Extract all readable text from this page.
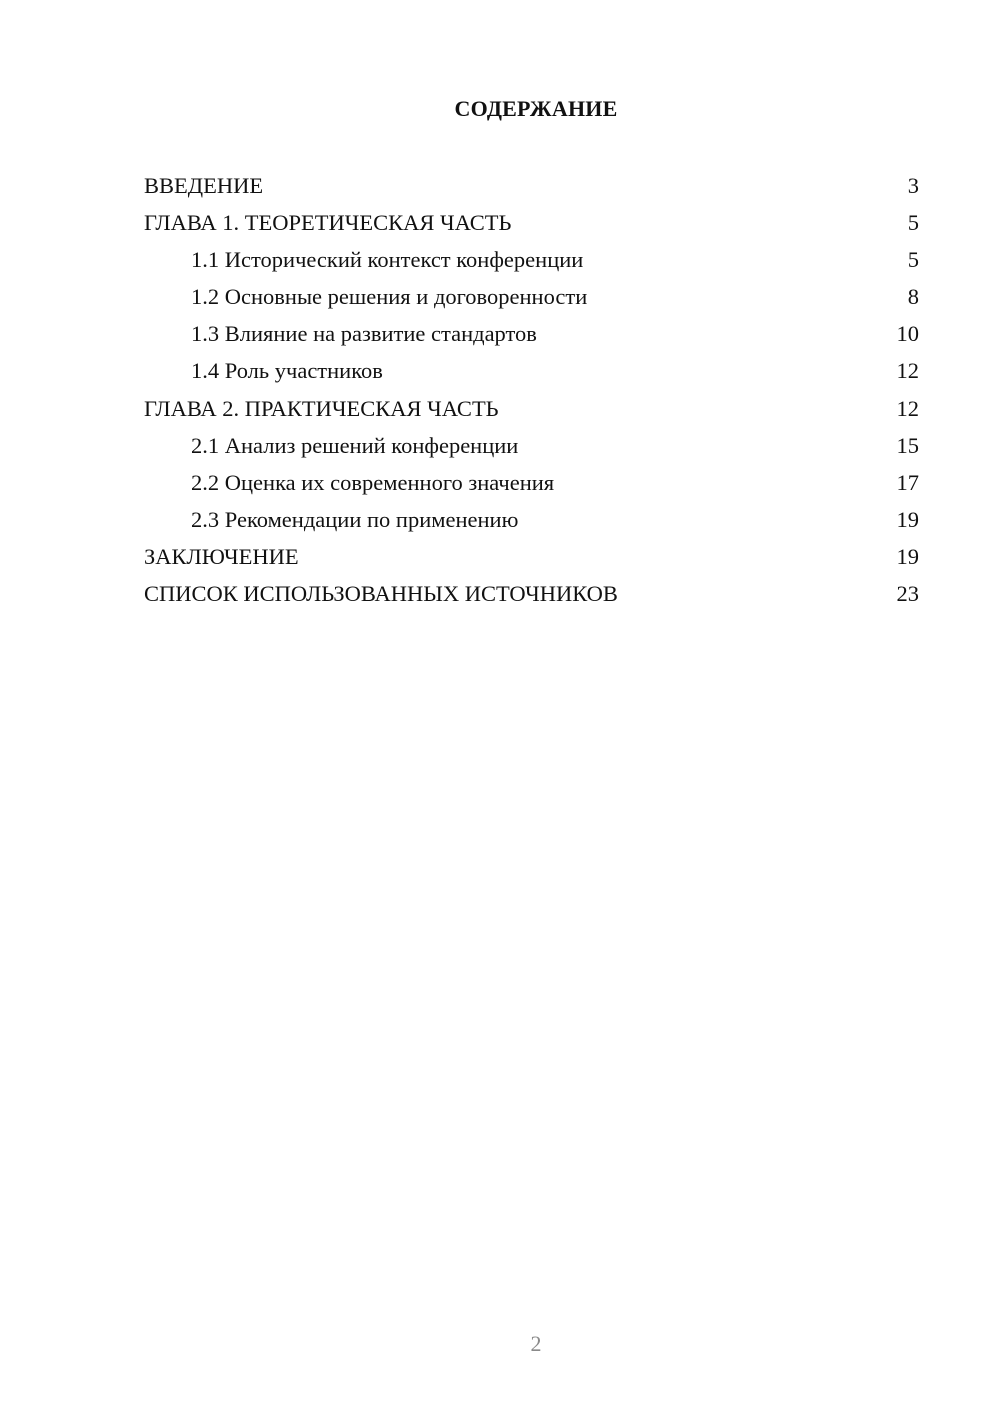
СОДЕРЖАНИЕ
ВВЕДЕНИЕ	3
ГЛАВА 1. ТЕОРЕТИЧЕСКАЯ ЧАСТЬ	5
1.1 Исторический контекст конференции	5
1.2 Основные решения и договоренности	8
1.3 Влияние на развитие стандартов	10
1.4 Роль участников	12
ГЛАВА 2. ПРАКТИЧЕСКАЯ ЧАСТЬ	12
2.1 Анализ решений конференции	15
2.2 Оценка их современного значения	17
2.3 Рекомендации по применению	19
ЗАКЛЮЧЕНИЕ	19
СПИСОК ИСПОЛЬЗОВАННЫХ ИСТОЧНИКОВ	23
2
